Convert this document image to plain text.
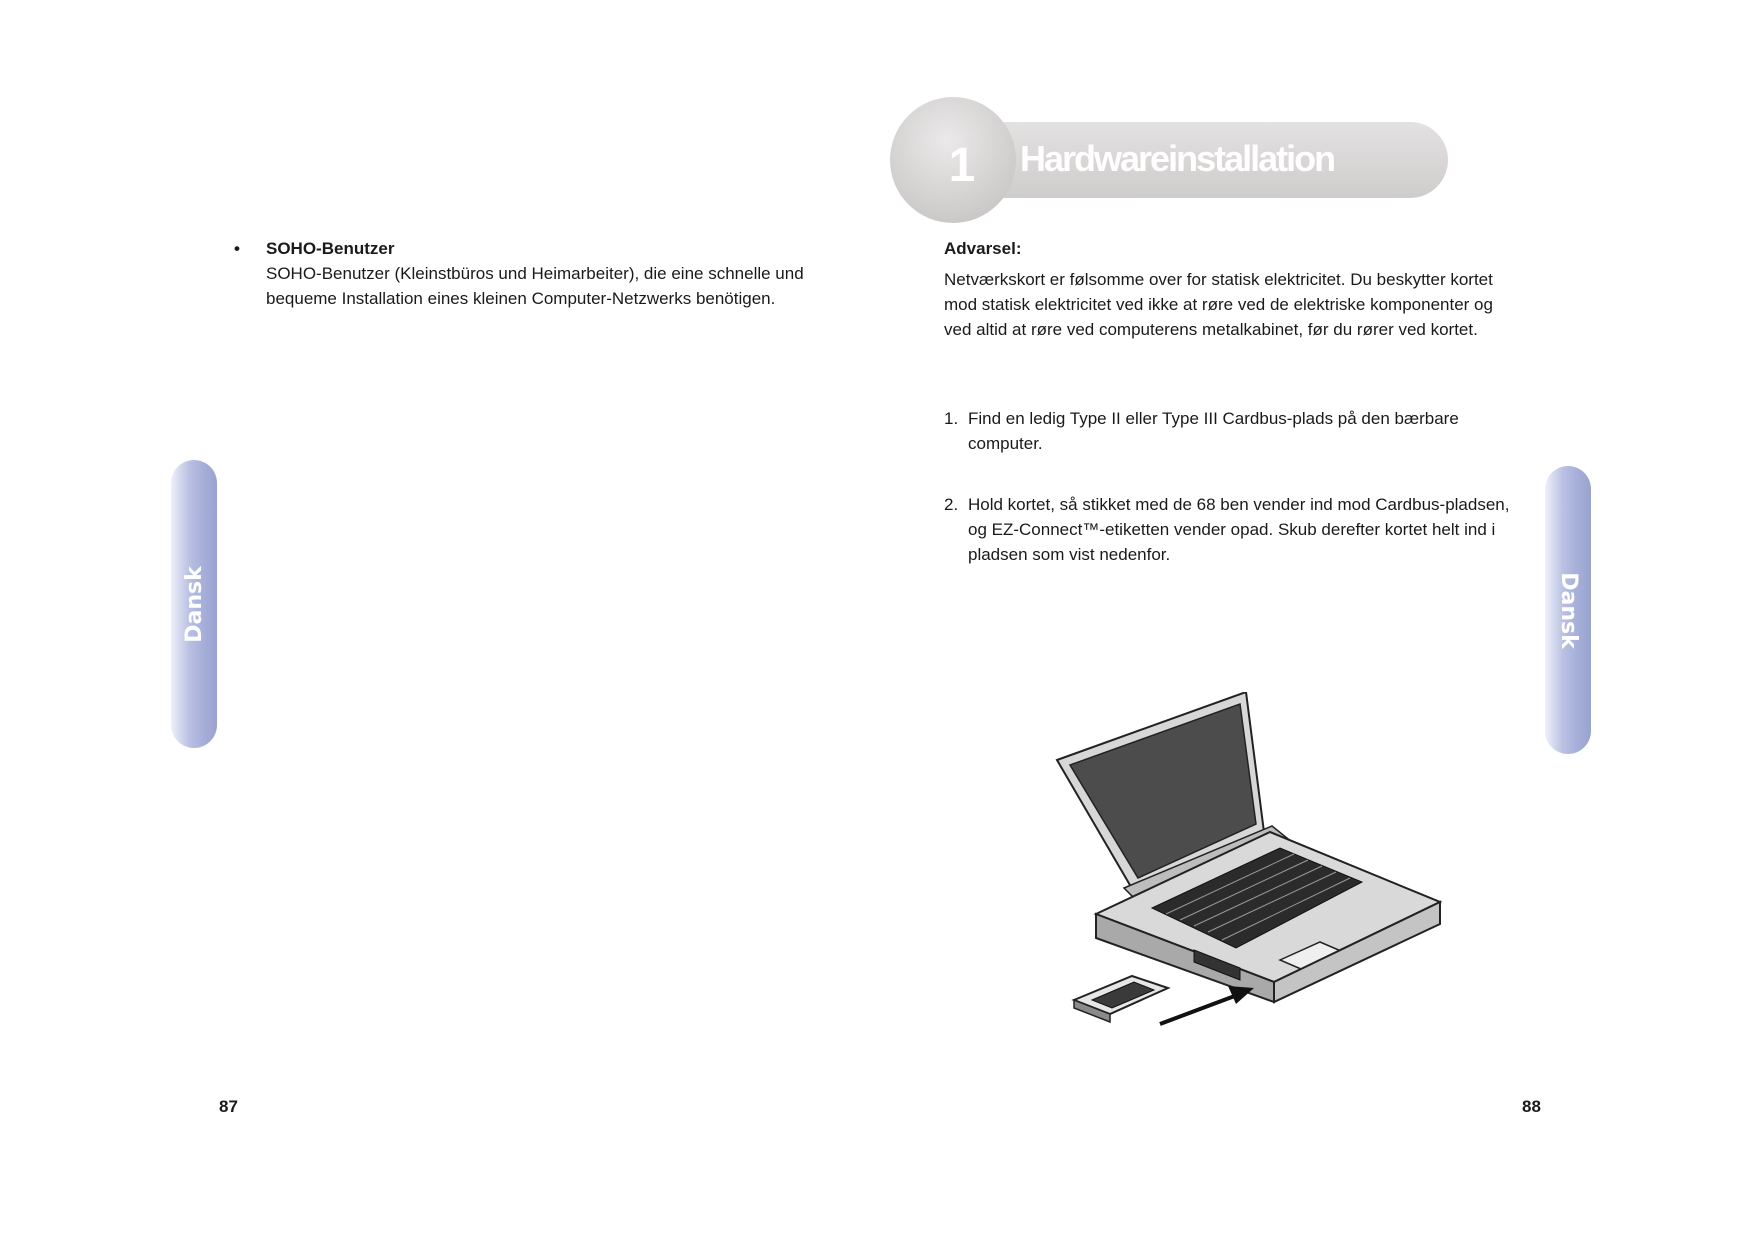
• SOHO-Benutzer

SOHO-Benutzer (Kleinstbüros und Heimarbeiter), die eine schnelle und bequeme Installation eines kleinen Computer-Netzwerks benötigen.

Dansk
87
Hardwareinstallation
1
Advarsel:
Netværkskort er følsomme over for statisk elektricitet. Du beskytter kortet mod statisk elektricitet ved ikke at røre ved de elektriske komponenter og ved altid at røre ved computerens metalkabinet, før du rører ved kortet.
1. Find en ledig Type II eller Type III Cardbus-plads på den bærbare computer.
2. Hold kortet, så stikket med de 68 ben vender ind mod Cardbus-pladsen, og EZ-Connect™-etiketten vender opad. Skub derefter kortet helt ind i pladsen som vist nedenfor.
Dansk
88
